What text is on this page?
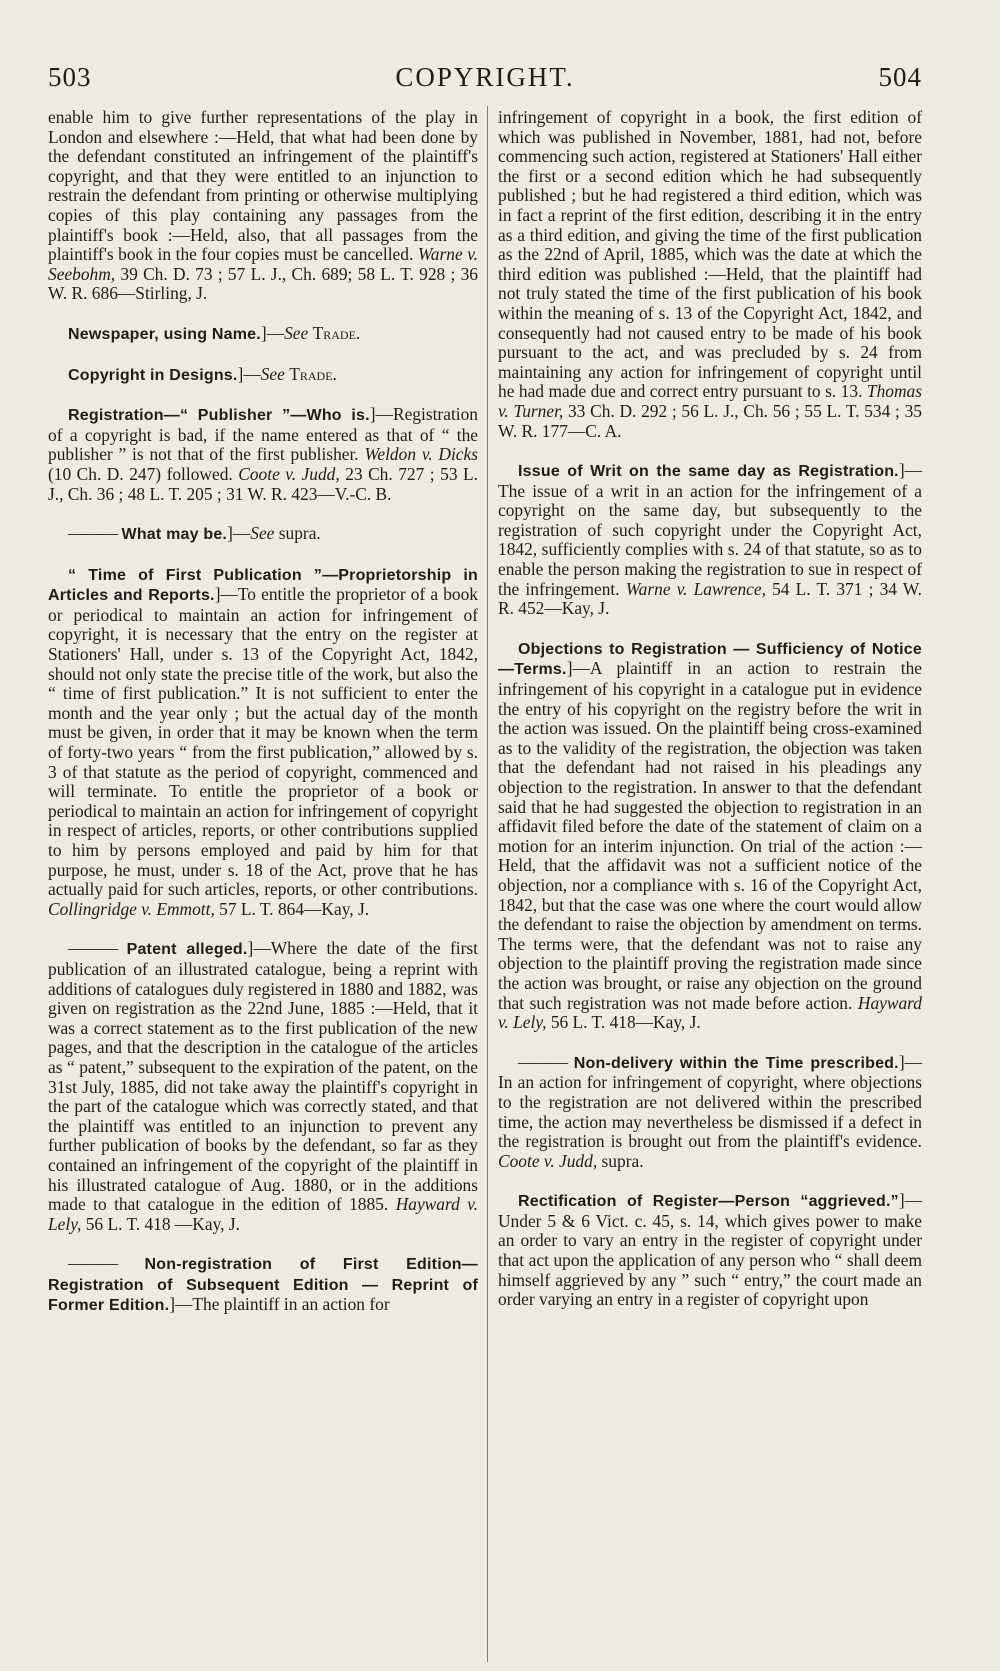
503	COPYRIGHT.	504

enable him to give further representations of the play in London and elsewhere :—Held, that what had been done by the defendant constituted an infringement of the plaintiff's copyright, and that they were entitled to an injunction to restrain the defendant from printing or otherwise multiplying copies of this play containing any passages from the plaintiff's book :—Held, also, that all passages from the plaintiff's book in the four copies must be cancelled. Warne v. Seebohm, 39 Ch. D. 73 ; 57 L. J., Ch. 689; 58 L. T. 928 ; 36 W. R. 686—Stirling, J.

Newspaper, using Name.]—See Trade.

Copyright in Designs.]—See Trade.

Registration—“ Publisher ”—Who is.]—Registration of a copyright is bad, if the name entered as that of “ the publisher ” is not that of the first publisher. Weldon v. Dicks (10 Ch. D. 247) followed. Coote v. Judd, 23 Ch. 727 ; 53 L. J., Ch. 36 ; 48 L. T. 205 ; 31 W. R. 423—V.-C. B.

——— What may be.]—See supra.

“ Time of First Publication ”—Proprietorship in Articles and Reports.]—To entitle the proprietor of a book or periodical to maintain an action for infringement of copyright, it is necessary that the entry on the register at Stationers' Hall, under s. 13 of the Copyright Act, 1842, should not only state the precise title of the work, but also the “ time of first publication.” It is not sufficient to enter the month and the year only ; but the actual day of the month must be given, in order that it may be known when the term of forty-two years “ from the first publication,” allowed by s. 3 of that statute as the period of copyright, commenced and will terminate. To entitle the proprietor of a book or periodical to maintain an action for infringement of copyright in respect of articles, reports, or other contributions supplied to him by persons employed and paid by him for that purpose, he must, under s. 18 of the Act, prove that he has actually paid for such articles, reports, or other contributions. Collingridge v. Emmott, 57 L. T. 864—Kay, J.

——— Patent alleged.]—Where the date of the first publication of an illustrated catalogue, being a reprint with additions of catalogues duly registered in 1880 and 1882, was given on registration as the 22nd June, 1885 :—Held, that it was a correct statement as to the first publication of the new pages, and that the description in the catalogue of the articles as “ patent,” subsequent to the expiration of the patent, on the 31st July, 1885, did not take away the plaintiff's copyright in the part of the catalogue which was correctly stated, and that the plaintiff was entitled to an injunction to prevent any further publication of books by the defendant, so far as they contained an infringement of the copyright of the plaintiff in his illustrated catalogue of Aug. 1880, or in the additions made to that catalogue in the edition of 1885. Hayward v. Lely, 56 L. T. 418 —Kay, J.

——— Non-registration of First Edition—Registration of Subsequent Edition — Reprint of Former Edition.]—The plaintiff in an action for

infringement of copyright in a book, the first edition of which was published in November, 1881, had not, before commencing such action, registered at Stationers' Hall either the first or a second edition which he had subsequently published ; but he had registered a third edition, which was in fact a reprint of the first edition, describing it in the entry as a third edition, and giving the time of the first publication as the 22nd of April, 1885, which was the date at which the third edition was published :—Held, that the plaintiff had not truly stated the time of the first publication of his book within the meaning of s. 13 of the Copyright Act, 1842, and consequently had not caused entry to be made of his book pursuant to the act, and was precluded by s. 24 from maintaining any action for infringement of copyright until he had made due and correct entry pursuant to s. 13. Thomas v. Turner, 33 Ch. D. 292 ; 56 L. J., Ch. 56 ; 55 L. T. 534 ; 35 W. R. 177—C. A.

Issue of Writ on the same day as Registration.]—The issue of a writ in an action for the infringement of a copyright on the same day, but subsequently to the registration of such copyright under the Copyright Act, 1842, sufficiently complies with s. 24 of that statute, so as to enable the person making the registration to sue in respect of the infringement. Warne v. Lawrence, 54 L. T. 371 ; 34 W. R. 452—Kay, J.

Objections to Registration — Sufficiency of Notice—Terms.]—A plaintiff in an action to restrain the infringement of his copyright in a catalogue put in evidence the entry of his copyright on the registry before the writ in the action was issued. On the plaintiff being cross-examined as to the validity of the registration, the objection was taken that the defendant had not raised in his pleadings any objection to the registration. In answer to that the defendant said that he had suggested the objection to registration in an affidavit filed before the date of the statement of claim on a motion for an interim injunction. On trial of the action :—Held, that the affidavit was not a sufficient notice of the objection, nor a compliance with s. 16 of the Copyright Act, 1842, but that the case was one where the court would allow the defendant to raise the objection by amendment on terms. The terms were, that the defendant was not to raise any objection to the plaintiff proving the registration made since the action was brought, or raise any objection on the ground that such registration was not made before action. Hayward v. Lely, 56 L. T. 418—Kay, J.

——— Non-delivery within the Time prescribed.]—In an action for infringement of copyright, where objections to the registration are not delivered within the prescribed time, the action may nevertheless be dismissed if a defect in the registration is brought out from the plaintiff's evidence. Coote v. Judd, supra.

Rectification of Register—Person “aggrieved.”]—Under 5 & 6 Vict. c. 45, s. 14, which gives power to make an order to vary an entry in the register of copyright under that act upon the application of any person who “ shall deem himself aggrieved by any ” such “ entry,” the court made an order varying an entry in a register of copyright upon
